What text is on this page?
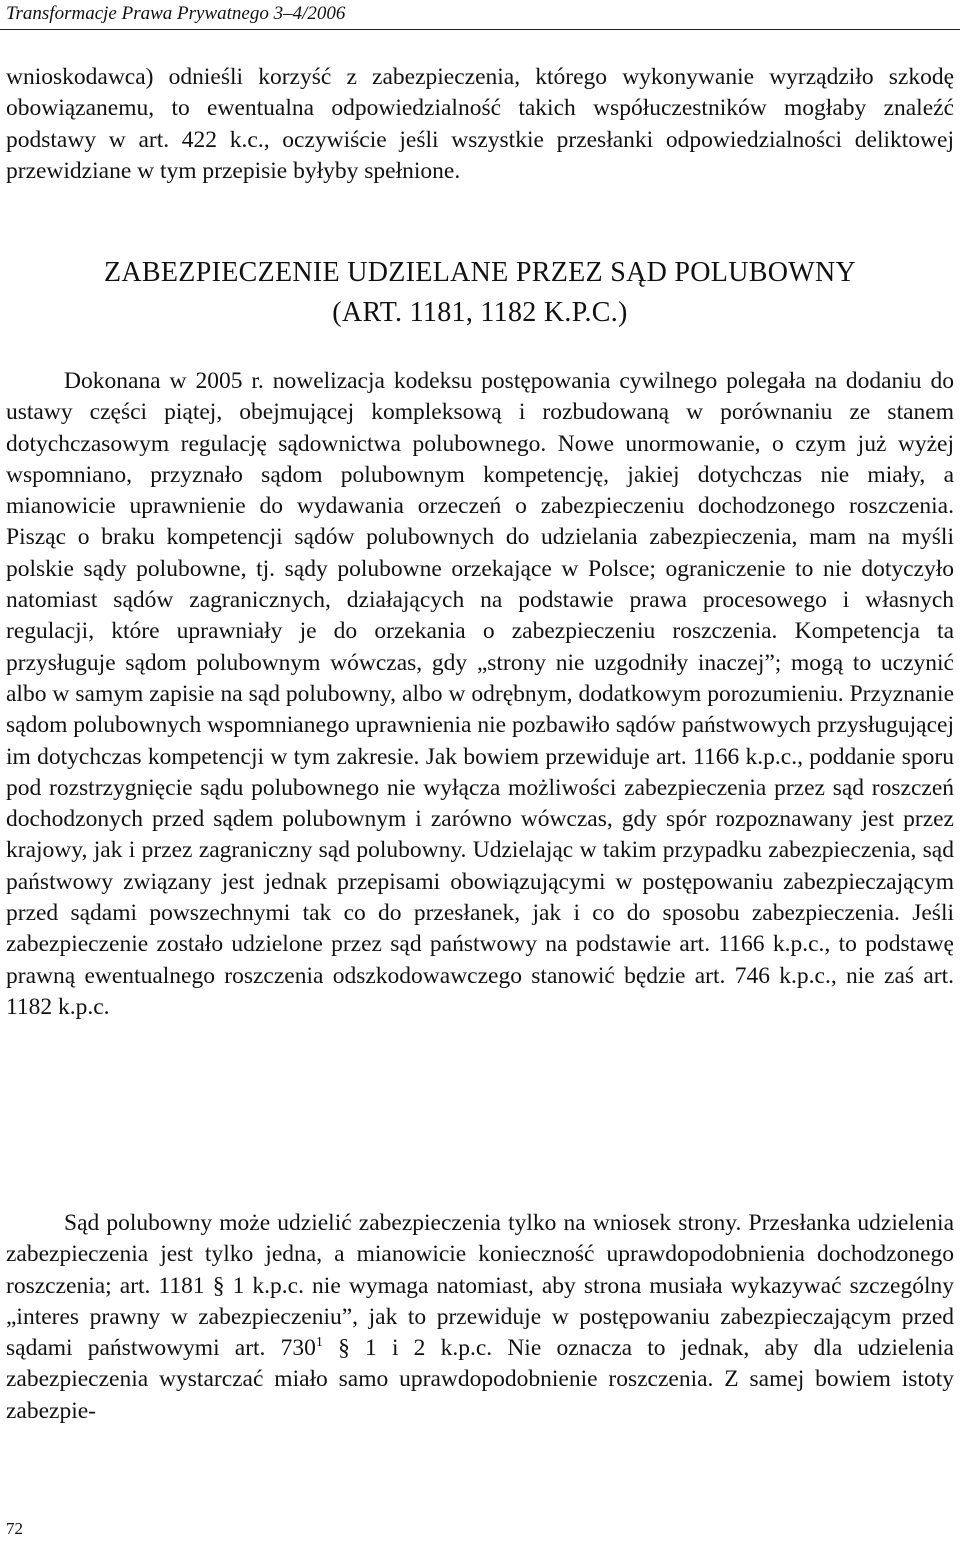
Transformacje Prawa Prywatnego 3–4/2006

wnioskodawca) odnieśli korzyść z zabezpieczenia, którego wykonywanie wyrządziło szkodę obowiązanemu, to ewentualna odpowiedzialność takich współuczestników mogłaby znaleźć podstawy w art. 422 k.c., oczywiście jeśli wszystkie przesłanki odpowiedzialności deliktowej przewidziane w tym przepisie byłyby spełnione.

ZABEZPIECZENIE UDZIELANE PRZEZ SĄD POLUBOWNY
(ART. 1181, 1182 K.P.C.)

Dokonana w 2005 r. nowelizacja kodeksu postępowania cywilnego polegała na dodaniu do ustawy części piątej, obejmującej kompleksową i rozbudowaną w porównaniu ze stanem dotychczasowym regulację sądownictwa polubownego. Nowe unormowanie, o czym już wyżej wspomniano, przyznało sądom polubownym kompetencję, jakiej dotychczas nie miały, a mianowicie uprawnienie do wydawania orzeczeń o zabezpieczeniu dochodzonego roszczenia. Pisząc o braku kompetencji sądów polubownych do udzielania zabezpieczenia, mam na myśli polskie sądy polubowne, tj. sądy polubowne orzekające w Polsce; ograniczenie to nie dotyczyło natomiast sądów zagranicznych, działających na podstawie prawa procesowego i własnych regulacji, które uprawniały je do orzekania o zabezpieczeniu roszczenia. Kompetencja ta przysługuje sądom polubownym wówczas, gdy „strony nie uzgodniły inaczej”; mogą to uczynić albo w samym zapisie na sąd polubowny, albo w odrębnym, dodatkowym porozumieniu. Przyznanie sądom polubownych wspomnianego uprawnienia nie pozbawiło sądów państwowych przysługującej im dotychczas kompetencji w tym zakresie. Jak bowiem przewiduje art. 1166 k.p.c., poddanie sporu pod rozstrzygnięcie sądu polubownego nie wyłącza możliwości zabezpieczenia przez sąd roszczeń dochodzonych przed sądem polubownym i zarówno wówczas, gdy spór rozpoznawany jest przez krajowy, jak i przez zagraniczny sąd polubowny. Udzielając w takim przypadku zabezpieczenia, sąd państwowy związany jest jednak przepisami obowiązującymi w postępowaniu zabezpieczającym przed sądami powszechnymi tak co do przesłanek, jak i co do sposobu zabezpieczenia. Jeśli zabezpieczenie zostało udzielone przez sąd państwowy na podstawie art. 1166 k.p.c., to podstawę prawną ewentualnego roszczenia odszkodowawczego stanowić będzie art. 746 k.p.c., nie zaś art. 1182 k.p.c.

Sąd polubowny może udzielić zabezpieczenia tylko na wniosek strony. Przesłanka udzielenia zabezpieczenia jest tylko jedna, a mianowicie konieczność uprawdopodobnienia dochodzonego roszczenia; art. 1181 § 1 k.p.c. nie wymaga natomiast, aby strona musiała wykazywać szczególny „interes prawny w zabezpieczeniu”, jak to przewiduje w postępowaniu zabezpieczającym przed sądami państwowymi art. $730^1$ § 1 i 2 k.p.c. Nie oznacza to jednak, aby dla udzielenia zabezpieczenia wystarczać miało samo uprawdopodobnienie roszczenia. Z samej bowiem istoty zabezpie-

72
